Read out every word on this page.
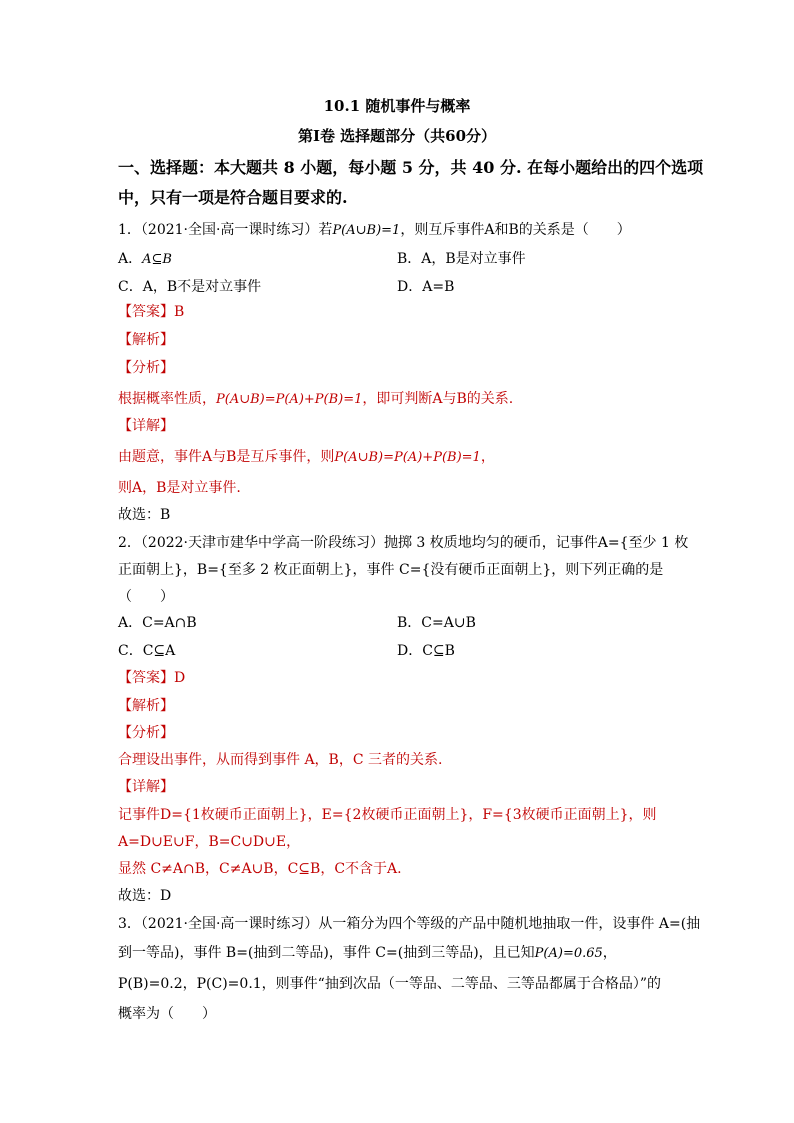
10.1 随机事件与概率
第Ⅰ卷 选择题部分（共60分）
一、选择题：本大题共 8 小题，每小题 5 分，共 40 分. 在每小题给出的四个选项
中，只有一项是符合题目要求的.
1．（2021·全国·高一课时练习）若P(A∪B)=1，则互斥事件A和B的关系是（　　）
A．A⊆B	B．A，B是对立事件
C．A，B不是对立事件	D．A=B
【答案】B
【解析】
【分析】
根据概率性质，P(A∪B)=P(A)+P(B)=1，即可判断A与B的关系.
【详解】
由题意，事件A与B是互斥事件，则P(A∪B)=P(A)+P(B)=1，
则A，B是对立事件.
故选：B
2．（2022·天津市建华中学高一阶段练习）抛掷 3 枚质地均匀的硬币，记事件A={至少 1 枚
正面朝上}，B={至多 2 枚正面朝上}，事件 C={没有硬币正面朝上}，则下列正确的是
（　　）
A．C=A∩B	B．C=A∪B
C．C⊆A	D．C⊆B
【答案】D
【解析】
【分析】
合理设出事件，从而得到事件 A，B，C 三者的关系.
【详解】
记事件D={1枚硬币正面朝上}，E={2枚硬币正面朝上}，F={3枚硬币正面朝上}，则
A=D∪E∪F，B=C∪D∪E，
显然 C≠A∩B，C≠A∪B，C⊆B，C不含于A.
故选：D
3．（2021·全国·高一课时练习）从一箱分为四个等级的产品中随机地抽取一件，设事件 A=(抽
到一等品)，事件 B=(抽到二等品)，事件 C=(抽到三等品)，且已知P(A)=0.65，
P(B)=0.2，P(C)=0.1，则事件“抽到次品（一等品、二等品、三等品都属于合格品）”的
概率为（　　）
